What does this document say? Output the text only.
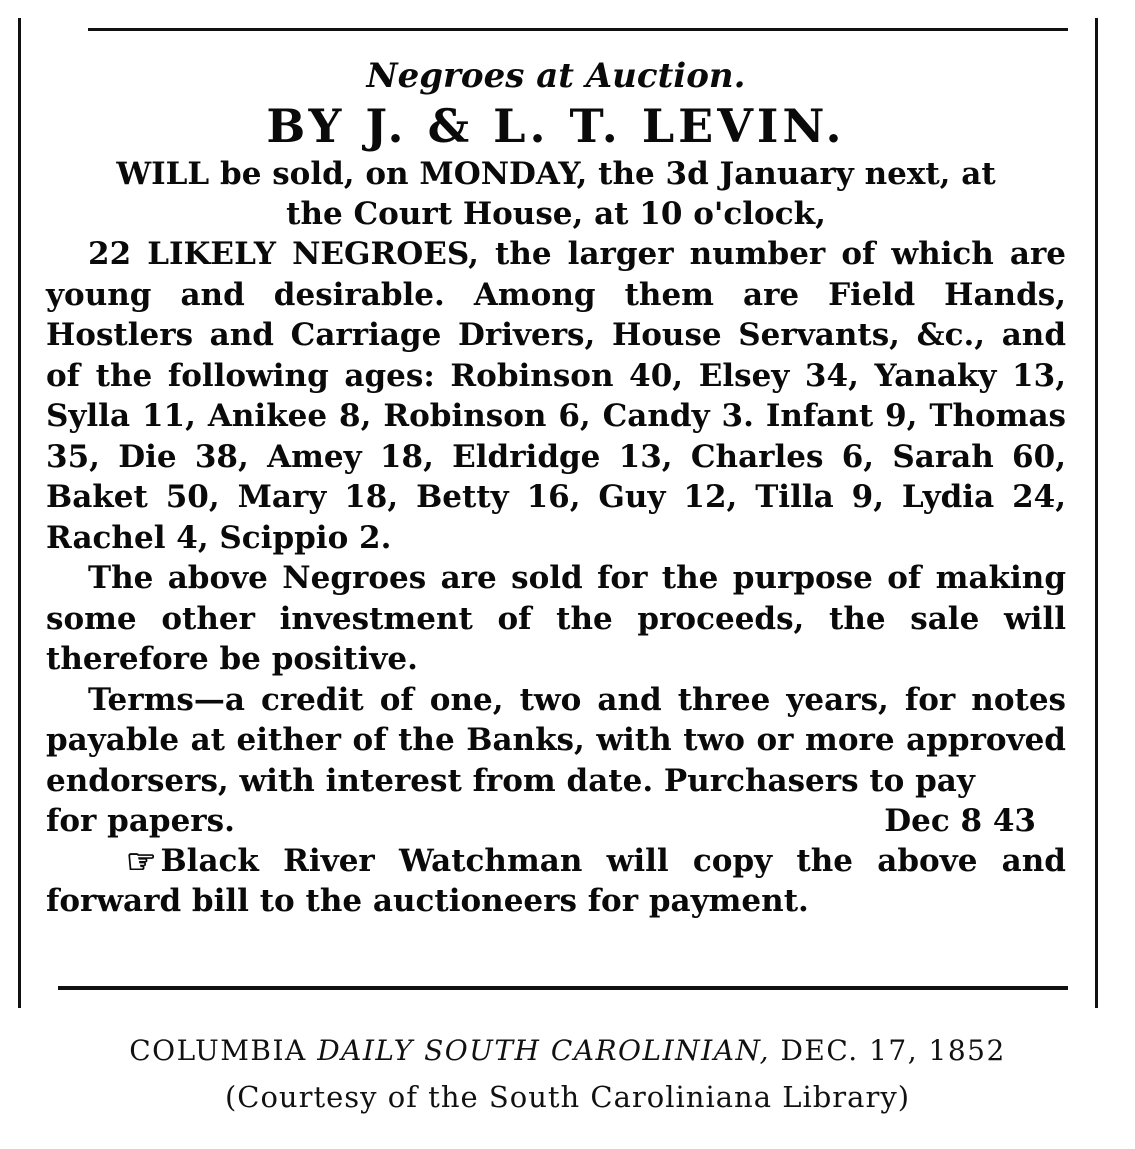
Negroes at Auction.

BY J. & L. T. LEVIN.

WILL be sold, on MONDAY, the 3d January next, at

the Court House, at 10 o'clock,

22 LIKELY NEGROES, the larger number of which are young and desirable. Among them are Field Hands, Hostlers and Carriage Drivers, House Servants, &c., and of the following ages: Robinson 40, Elsey 34, Yanaky 13, Sylla 11, Anikee 8, Robinson 6, Candy 3. Infant 9, Thomas 35, Die 38, Amey 18, Eldridge 13, Charles 6, Sarah 60, Baket 50, Mary 18, Betty 16, Guy 12, Tilla 9, Lydia 24, Rachel 4, Scippio 2.

The above Negroes are sold for the purpose of making some other investment of the proceeds, the sale will therefore be positive.

Terms—a credit of one, two and three years, for notes payable at either of the Banks, with two or more approved endorsers, with interest from date. Purchasers to pay

for papers.	Dec 8 43

☞ Black River Watchman will copy the above and forward bill to the auctioneers for payment.

COLUMBIA DAILY SOUTH CAROLINIAN, DEC. 17, 1852
(Courtesy of the South Caroliniana Library)
